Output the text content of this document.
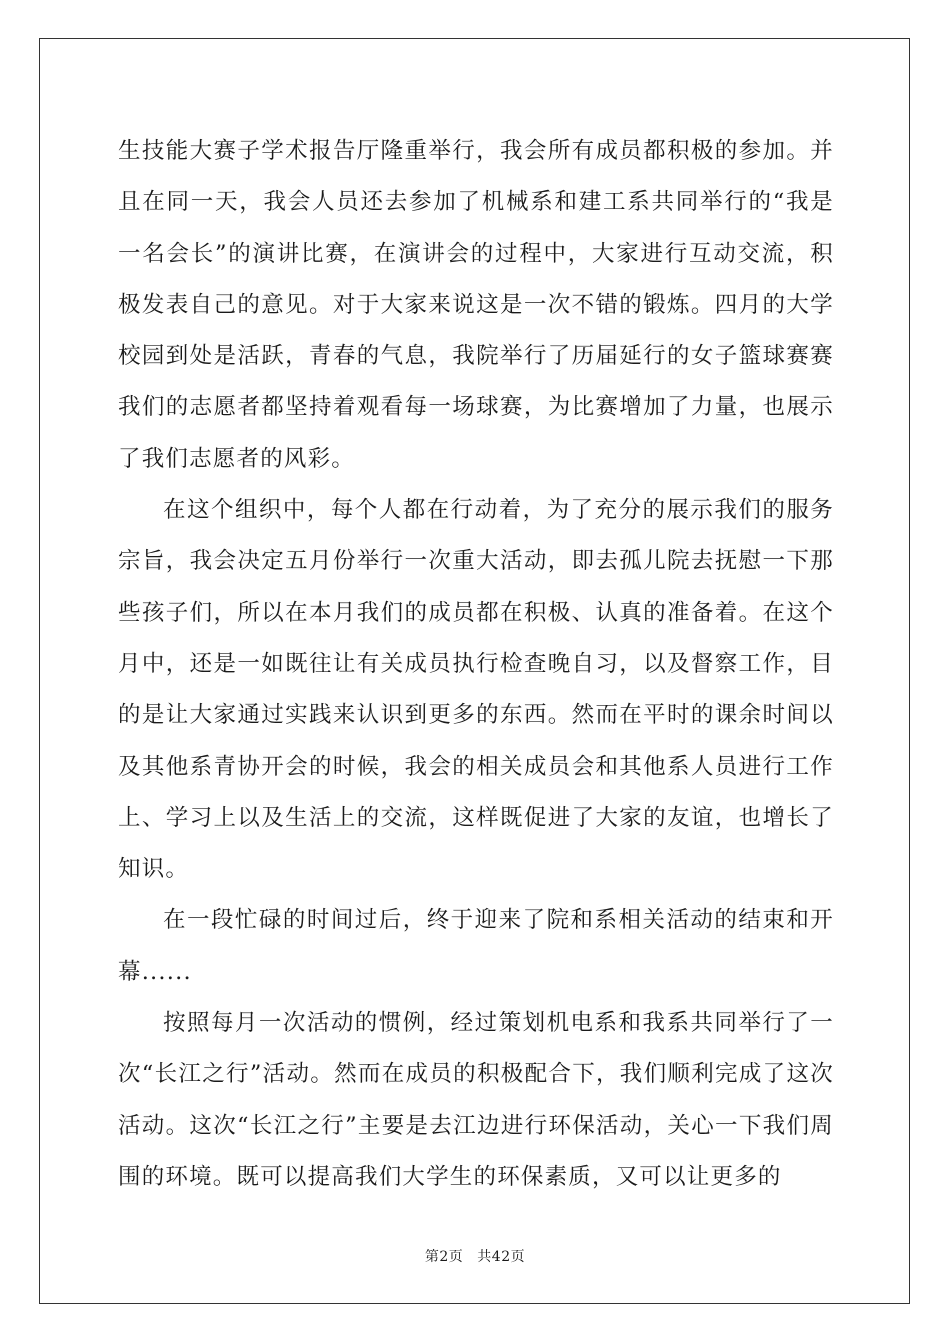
生技能大赛子学术报告厅隆重举行，我会所有成员都积极的参加。并且在同一天，我会人员还去参加了机械系和建工系共同举行的“我是一名会长”的演讲比赛，在演讲会的过程中，大家进行互动交流，积极发表自己的意见。对于大家来说这是一次不错的锻炼。四月的大学校园到处是活跃，青春的气息，我院举行了历届延行的女子篮球赛赛我们的志愿者都坚持着观看每一场球赛，为比赛增加了力量，也展示了我们志愿者的风彩。

在这个组织中，每个人都在行动着，为了充分的展示我们的服务宗旨，我会决定五月份举行一次重大活动，即去孤儿院去抚慰一下那些孩子们，所以在本月我们的成员都在积极、认真的准备着。在这个月中，还是一如既往让有关成员执行检查晚自习，以及督察工作，目的是让大家通过实践来认识到更多的东西。然而在平时的课余时间以及其他系青协开会的时候，我会的相关成员会和其他系人员进行工作上、学习上以及生活上的交流，这样既促进了大家的友谊，也增长了知识。

在一段忙碌的时间过后，终于迎来了院和系相关活动的结束和开幕......

按照每月一次活动的惯例，经过策划机电系和我系共同举行了一次“长江之行”活动。然而在成员的积极配合下，我们顺利完成了这次活动。这次“长江之行”主要是去江边进行环保活动，关心一下我们周围的环境。既可以提高我们大学生的环保素质，又可以让更多的

第2页 共42页
